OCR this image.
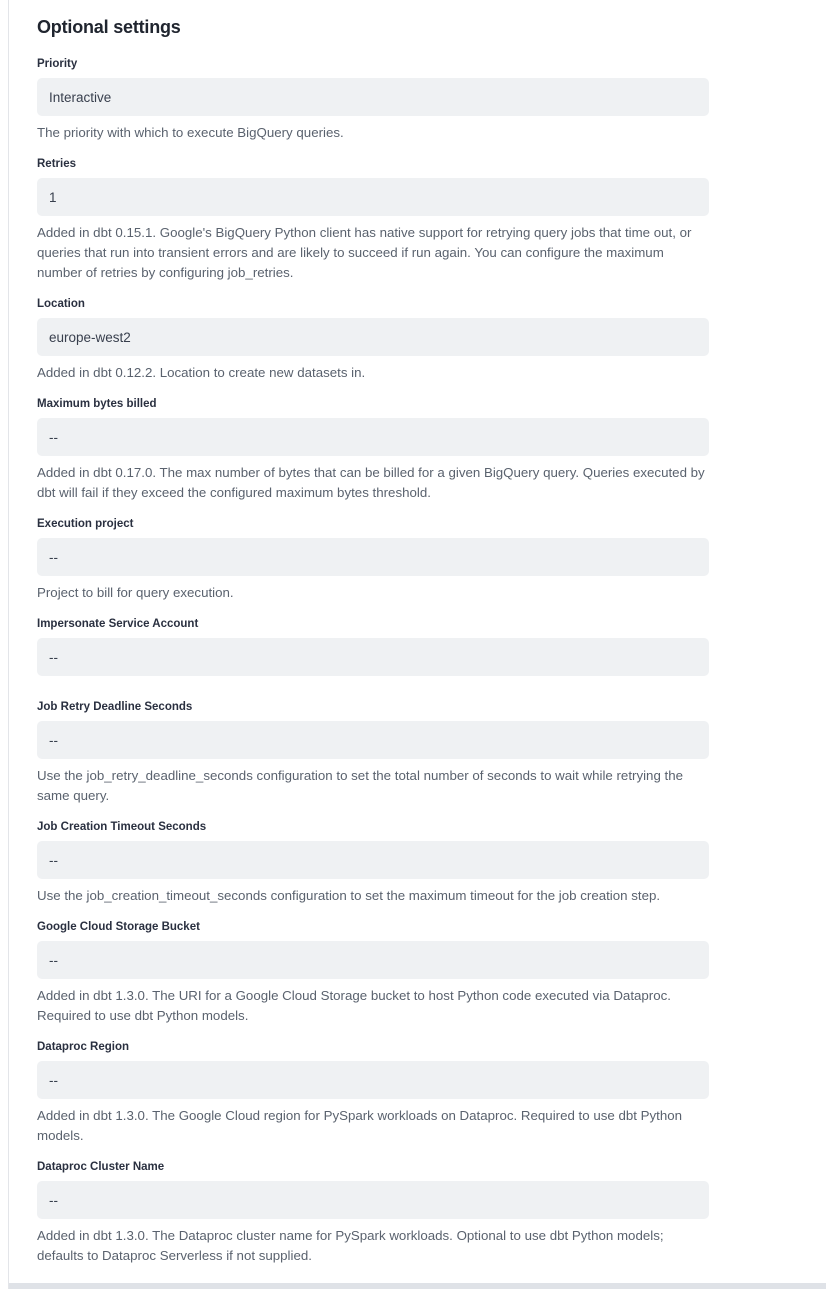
Optional settings
Priority
Interactive

The priority with which to execute BigQuery queries.

Retries
1

Added in dbt 0.15.1. Google's BigQuery Python client has native support for retrying query jobs that time out, or queries that run into transient errors and are likely to succeed if run again. You can configure the maximum number of retries by configuring job_retries.

Location
europe-west2

Added in dbt 0.12.2. Location to create new datasets in.

Maximum bytes billed
--

Added in dbt 0.17.0. The max number of bytes that can be billed for a given BigQuery query. Queries executed by dbt will fail if they exceed the configured maximum bytes threshold.

Execution project
--

Project to bill for query execution.

Impersonate Service Account
--
Job Retry Deadline Seconds
--

Use the job_retry_deadline_seconds configuration to set the total number of seconds to wait while retrying the same query.

Job Creation Timeout Seconds
--

Use the job_creation_timeout_seconds configuration to set the maximum timeout for the job creation step.

Google Cloud Storage Bucket
--

Added in dbt 1.3.0. The URI for a Google Cloud Storage bucket to host Python code executed via Dataproc. Required to use dbt Python models.

Dataproc Region
--

Added in dbt 1.3.0. The Google Cloud region for PySpark workloads on Dataproc. Required to use dbt Python models.

Dataproc Cluster Name
--

Added in dbt 1.3.0. The Dataproc cluster name for PySpark workloads. Optional to use dbt Python models; defaults to Dataproc Serverless if not supplied.
